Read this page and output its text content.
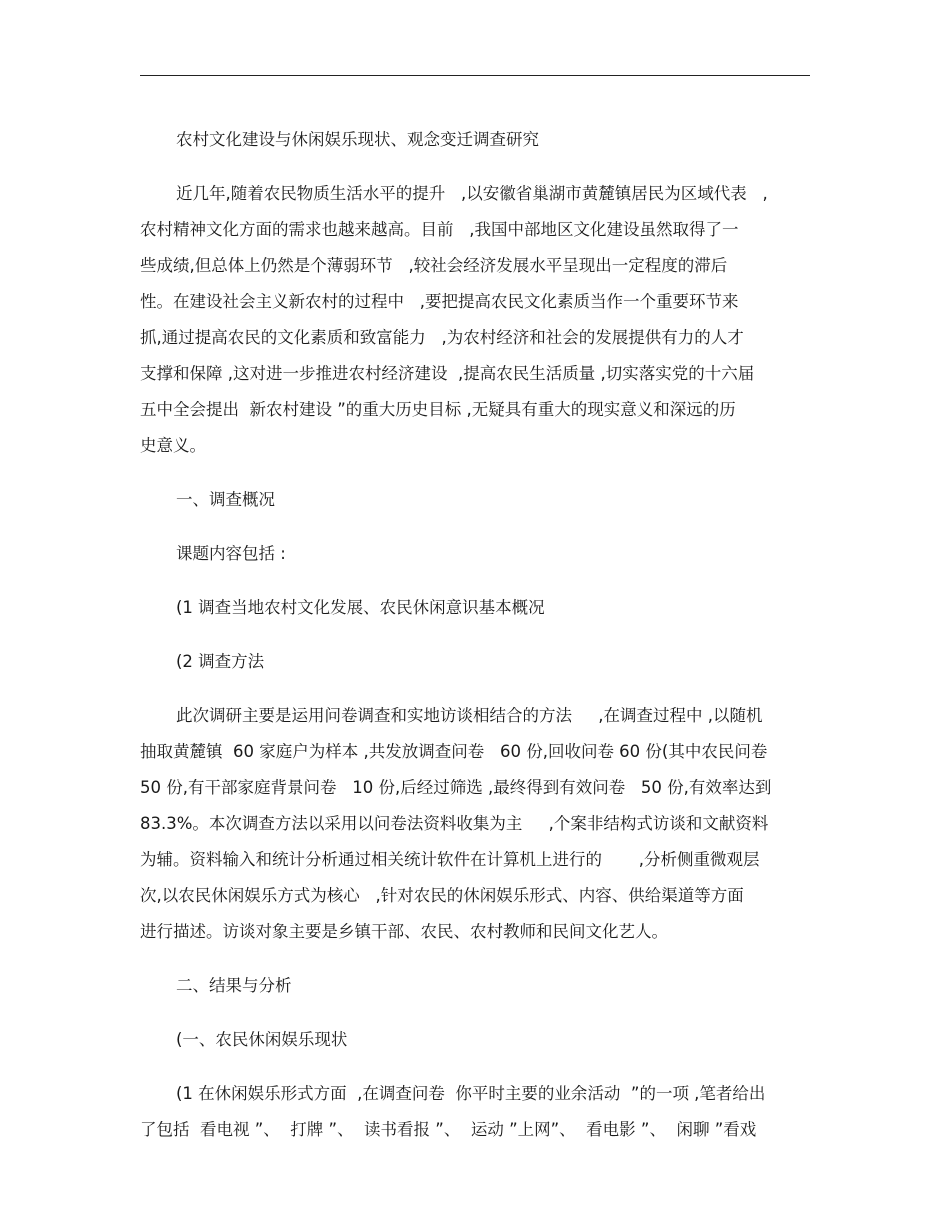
农村文化建设与休闲娱乐现状、观念变迁调查研究
近几年,随着农民物质生活水平的提升   ,以安徽省巢湖市黄麓镇居民为区域代表   ,
农村精神文化方面的需求也越来越高。目前   ,我国中部地区文化建设虽然取得了一
些成绩,但总体上仍然是个薄弱环节   ,较社会经济发展水平呈现出一定程度的滞后
性。在建设社会主义新农村的过程中   ,要把提高农民文化素质当作一个重要环节来
抓,通过提高农民的文化素质和致富能力   ,为农村经济和社会的发展提供有力的人才
支撑和保障 ,这对进一步推进农村经济建设  ,提高农民生活质量 ,切实落实党的十六届
五中全会提出  新农村建设 ”的重大历史目标 ,无疑具有重大的现实意义和深远的历
史意义。
一、调查概况
课题内容包括 :
(1 调查当地农村文化发展、农民休闲意识基本概况
(2 调查方法
此次调研主要是运用问卷调查和实地访谈相结合的方法     ,在调查过程中 ,以随机
抽取黄麓镇  60 家庭户为样本 ,共发放调查问卷   60 份,回收问卷 60 份(其中农民问卷
50 份,有干部家庭背景问卷   10 份,后经过筛选 ,最终得到有效问卷   50 份,有效率达到
83.3%。本次调查方法以采用以问卷法资料收集为主     ,个案非结构式访谈和文献资料
为辅。资料输入和统计分析通过相关统计软件在计算机上进行的       ,分析侧重微观层
次,以农民休闲娱乐方式为核心   ,针对农民的休闲娱乐形式、内容、供给渠道等方面
进行描述。访谈对象主要是乡镇干部、农民、农村教师和民间文化艺人。
二、结果与分析
(一、农民休闲娱乐现状
(1 在休闲娱乐形式方面  ,在调查问卷  你平时主要的业余活动  ”的一项 ,笔者给出
了包括  看电视 ”、  打牌 ”、  读书看报 ”、  运动 ”上网”、  看电影 ”、  闲聊 ”看戏
